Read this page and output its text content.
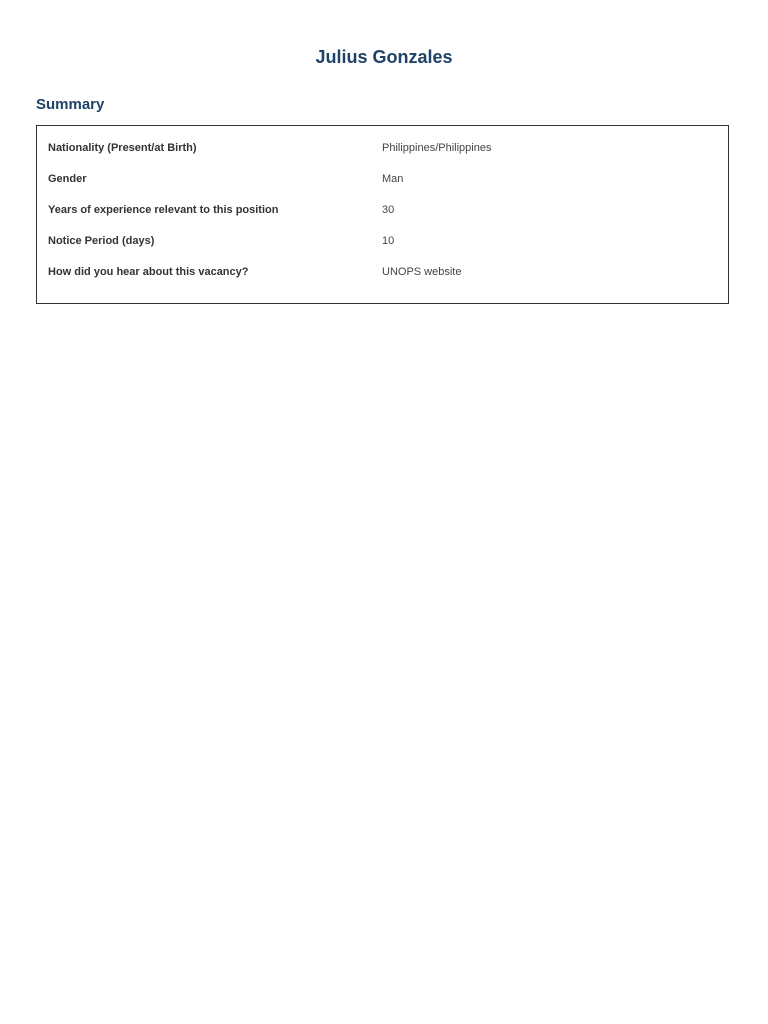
Julius Gonzales
Summary
Nationality (Present/at Birth)	Philippines/Philippines
Gender	Man
Years of experience relevant to this position	30
Notice Period (days)	10
How did you hear about this vacancy?	UNOPS website
